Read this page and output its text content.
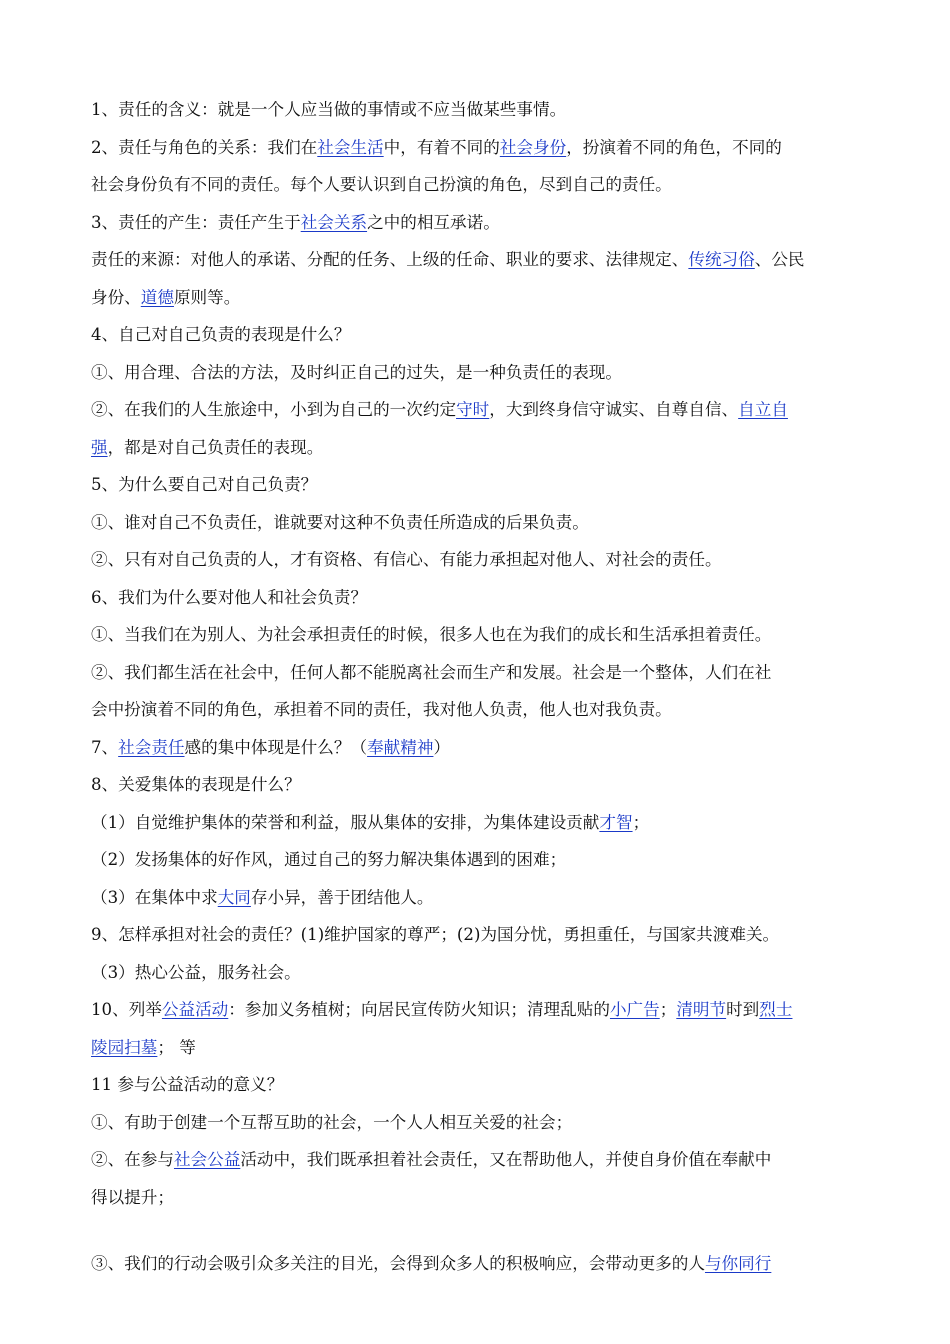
1、责任的含义：就是一个人应当做的事情或不应当做某些事情。
2、责任与角色的关系：我们在社会生活中，有着不同的社会身份，扮演着不同的角色，不同的
社会身份负有不同的责任。每个人要认识到自己扮演的角色，尽到自己的责任。
3、责任的产生：责任产生于社会关系之中的相互承诺。
责任的来源：对他人的承诺、分配的任务、上级的任命、职业的要求、法律规定、传统习俗、公民
身份、道德原则等。
4、自己对自己负责的表现是什么？
①、用合理、合法的方法，及时纠正自己的过失，是一种负责任的表现。
②、在我们的人生旅途中，小到为自己的一次约定守时，大到终身信守诚实、自尊自信、自立自
强，都是对自己负责任的表现。
5、为什么要自己对自己负责？
①、谁对自己不负责任，谁就要对这种不负责任所造成的后果负责。
②、只有对自己负责的人，才有资格、有信心、有能力承担起对他人、对社会的责任。
6、我们为什么要对他人和社会负责？
①、当我们在为别人、为社会承担责任的时候，很多人也在为我们的成长和生活承担着责任。
②、我们都生活在社会中，任何人都不能脱离社会而生产和发展。社会是一个整体，人们在社
会中扮演着不同的角色，承担着不同的责任，我对他人负责，他人也对我负责。
7、社会责任感的集中体现是什么？（奉献精神）
8、关爱集体的表现是什么？
（1）自觉维护集体的荣誉和利益，服从集体的安排，为集体建设贡献才智；
（2）发扬集体的好作风，通过自己的努力解决集体遇到的困难；
（3）在集体中求大同存小异，善于团结他人。
9、怎样承担对社会的责任？(1)维护国家的尊严；(2)为国分忧，勇担重任，与国家共渡难关。
（3）热心公益，服务社会。
10、列举公益活动：参加义务植树；向居民宣传防火知识；清理乱贴的小广告；清明节时到烈士
陵园扫墓； 等
11 参与公益活动的意义？
①、有助于创建一个互帮互助的社会，一个人人相互关爱的社会；
②、在参与社会公益活动中，我们既承担着社会责任，又在帮助他人，并使自身价值在奉献中
得以提升；
③、我们的行动会吸引众多关注的目光，会得到众多人的积极响应，会带动更多的人与你同行
